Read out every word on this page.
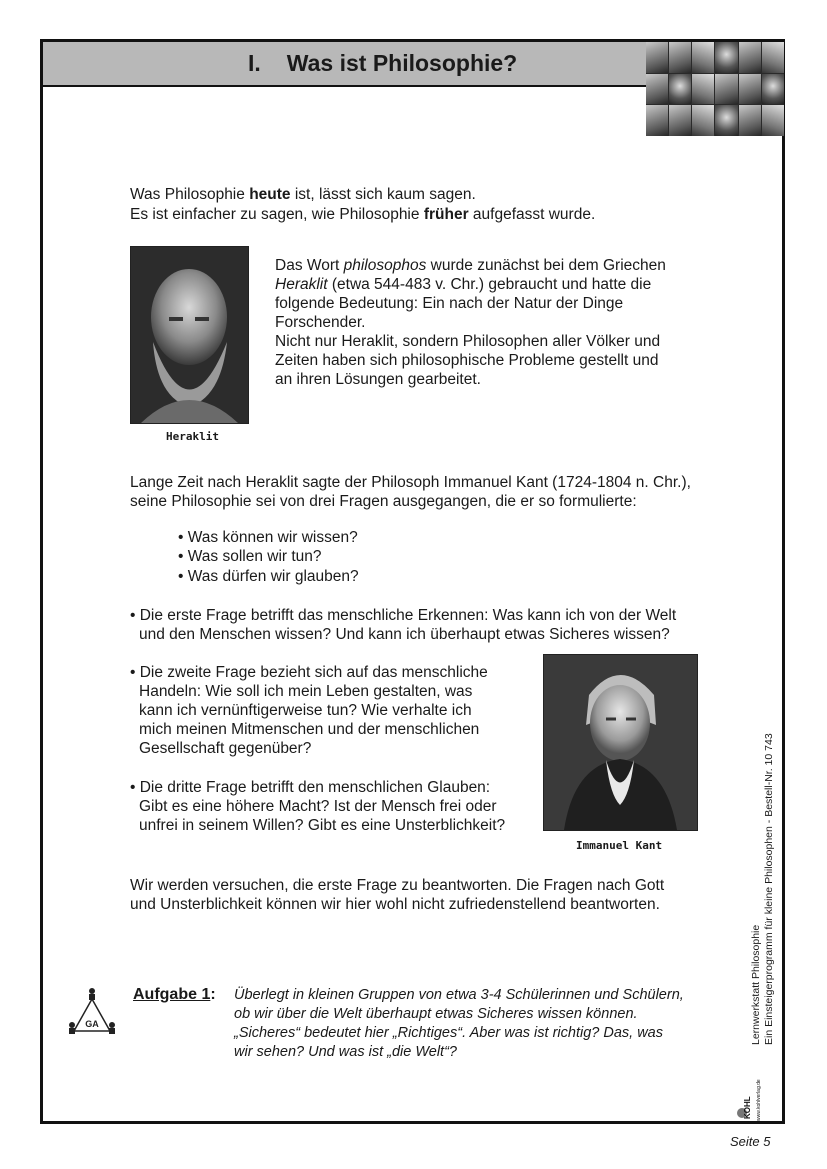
I. Was ist Philosophie?

Was Philosophie heute ist, lässt sich kaum sagen.

Es ist einfacher zu sagen, wie Philosophie früher aufgefasst wurde.

Heraklit

Das Wort philosophos wurde zunächst bei dem Griechen

Heraklit (etwa 544-483 v. Chr.) gebraucht und hatte die

folgende Bedeutung: Ein nach der Natur der Dinge

Forschender.

Nicht nur Heraklit, sondern Philosophen aller Völker und

Zeiten haben sich philosophische Probleme gestellt und

an ihren Lösungen gearbeitet.

Lange Zeit nach Heraklit sagte der Philosoph Immanuel Kant (1724-1804 n. Chr.),

seine Philosophie sei von drei Fragen ausgegangen, die er so formulierte:

• Was können wir wissen?

• Was sollen wir tun?

• Was dürfen wir glauben?

• Die erste Frage betrifft das menschliche Erkennen: Was kann ich von der Welt

und den Menschen wissen? Und kann ich überhaupt etwas Sicheres wissen?

• Die zweite Frage bezieht sich auf das menschliche

Handeln: Wie soll ich mein Leben gestalten, was

kann ich vernünftigerweise tun? Wie verhalte ich

mich meinen Mitmenschen und der menschlichen

Gesellschaft gegenüber?

• Die dritte Frage betrifft den menschlichen Glauben:

Gibt es eine höhere Macht? Ist der Mensch frei oder

unfrei in seinem Willen? Gibt es eine Unsterblichkeit?

Immanuel Kant

Wir werden versuchen, die erste Frage zu beantworten. Die Fragen nach Gott

und Unsterblichkeit können wir hier wohl nicht zufriedenstellend beantworten.

GA
Aufgabe 1: Überlegt in kleinen Gruppen von etwa 3-4 Schülerinnen und Schülern,
ob wir über die Welt überhaupt etwas Sicheres wissen können.
„Sicheres“ bedeutet hier „Richtiges“. Aber was ist richtig? Das, was
wir sehen? Und was ist „die Welt“?
Lernwerkstatt Philosophie Ein Einsteigerprogramm für kleine Philosophen - Bestell-Nr. 10 743
KOHL www.kohlverlag.de
Seite 5
